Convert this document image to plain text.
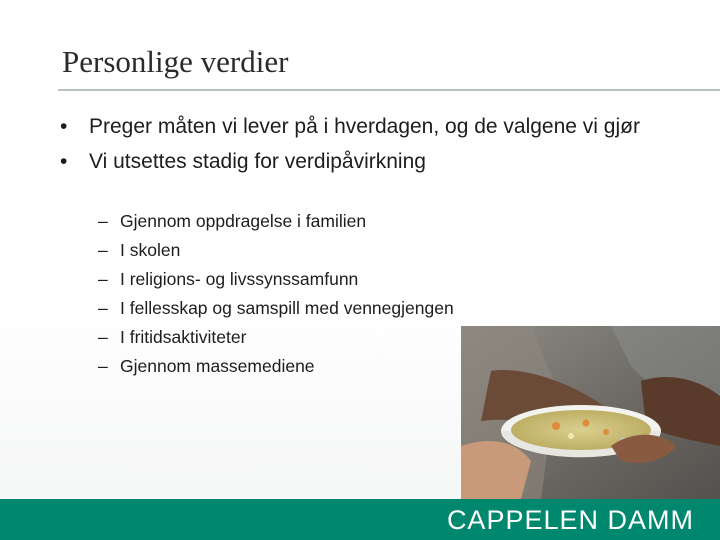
Personlige verdier
• Preger måten vi lever på i hverdagen, og de valgene vi gjør
• Vi utsettes stadig for verdipåvirkning
– Gjennom oppdragelse i familien
– I skolen
– I religions- og livssynssamfunn
– I fellesskap og samspill med vennegjengen
– I fritidsaktiviteter
– Gjennom massemediene
CAPPELEN DAMM
